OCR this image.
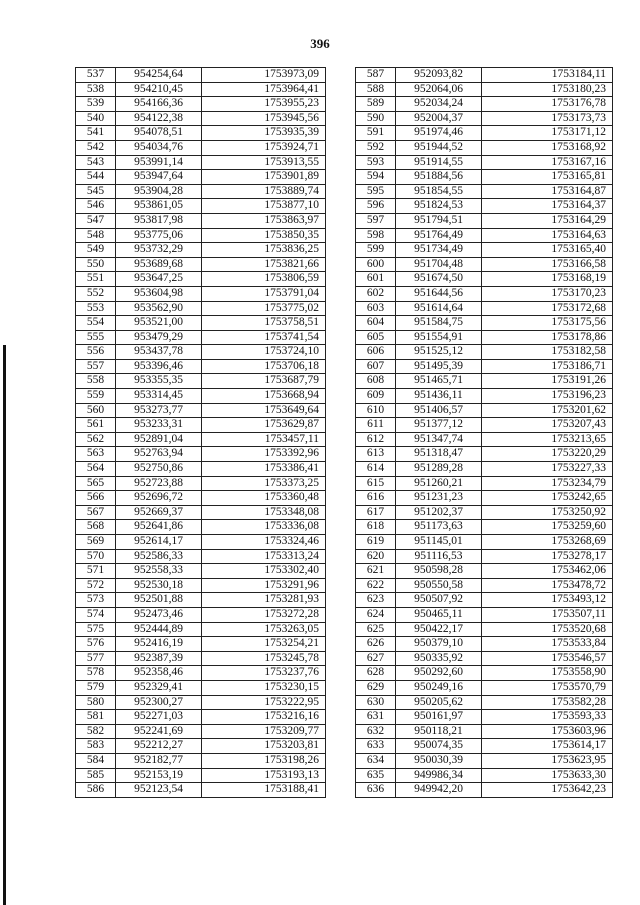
396
537	954254,64	1753973,09
538	954210,45	1753964,41
539	954166,36	1753955,23
540	954122,38	1753945,56
541	954078,51	1753935,39
542	954034,76	1753924,71
543	953991,14	1753913,55
544	953947,64	1753901,89
545	953904,28	1753889,74
546	953861,05	1753877,10
547	953817,98	1753863,97
548	953775,06	1753850,35
549	953732,29	1753836,25
550	953689,68	1753821,66
551	953647,25	1753806,59
552	953604,98	1753791,04
553	953562,90	1753775,02
554	953521,00	1753758,51
555	953479,29	1753741,54
556	953437,78	1753724,10
557	953396,46	1753706,18
558	953355,35	1753687,79
559	953314,45	1753668,94
560	953273,77	1753649,64
561	953233,31	1753629,87
562	952891,04	1753457,11
563	952763,94	1753392,96
564	952750,86	1753386,41
565	952723,88	1753373,25
566	952696,72	1753360,48
567	952669,37	1753348,08
568	952641,86	1753336,08
569	952614,17	1753324,46
570	952586,33	1753313,24
571	952558,33	1753302,40
572	952530,18	1753291,96
573	952501,88	1753281,93
574	952473,46	1753272,28
575	952444,89	1753263,05
576	952416,19	1753254,21
577	952387,39	1753245,78
578	952358,46	1753237,76
579	952329,41	1753230,15
580	952300,27	1753222,95
581	952271,03	1753216,16
582	952241,69	1753209,77
583	952212,27	1753203,81
584	952182,77	1753198,26
585	952153,19	1753193,13
586	952123,54	1753188,41
587	952093,82	1753184,11
588	952064,06	1753180,23
589	952034,24	1753176,78
590	952004,37	1753173,73
591	951974,46	1753171,12
592	951944,52	1753168,92
593	951914,55	1753167,16
594	951884,56	1753165,81
595	951854,55	1753164,87
596	951824,53	1753164,37
597	951794,51	1753164,29
598	951764,49	1753164,63
599	951734,49	1753165,40
600	951704,48	1753166,58
601	951674,50	1753168,19
602	951644,56	1753170,23
603	951614,64	1753172,68
604	951584,75	1753175,56
605	951554,91	1753178,86
606	951525,12	1753182,58
607	951495,39	1753186,71
608	951465,71	1753191,26
609	951436,11	1753196,23
610	951406,57	1753201,62
611	951377,12	1753207,43
612	951347,74	1753213,65
613	951318,47	1753220,29
614	951289,28	1753227,33
615	951260,21	1753234,79
616	951231,23	1753242,65
617	951202,37	1753250,92
618	951173,63	1753259,60
619	951145,01	1753268,69
620	951116,53	1753278,17
621	950598,28	1753462,06
622	950550,58	1753478,72
623	950507,92	1753493,12
624	950465,11	1753507,11
625	950422,17	1753520,68
626	950379,10	1753533,84
627	950335,92	1753546,57
628	950292,60	1753558,90
629	950249,16	1753570,79
630	950205,62	1753582,28
631	950161,97	1753593,33
632	950118,21	1753603,96
633	950074,35	1753614,17
634	950030,39	1753623,95
635	949986,34	1753633,30
636	949942,20	1753642,23
